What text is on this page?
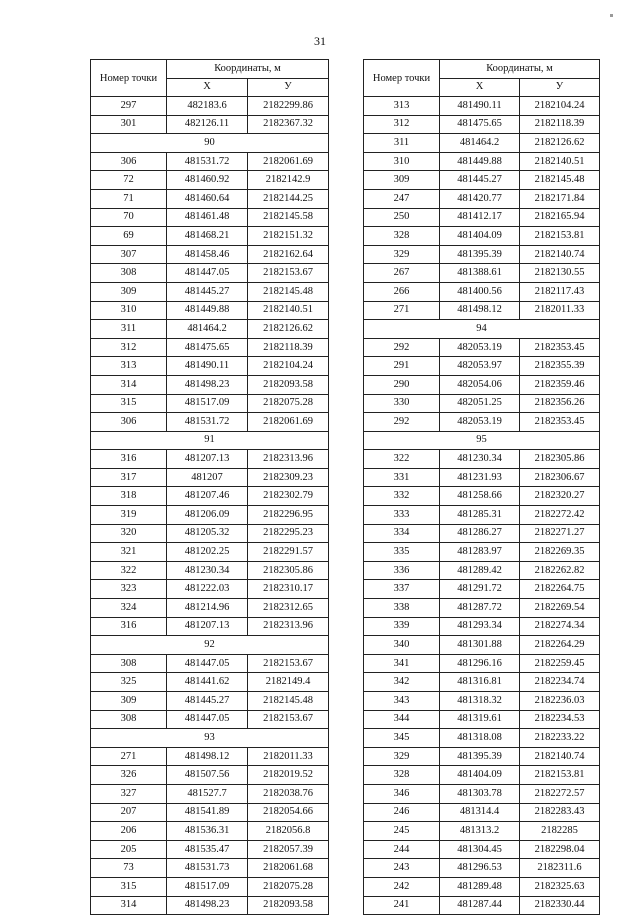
31
Номер точки	Координаты, м	
	X	У
297	482183.6	2182299.86
301	482126.11	2182367.32
90		
306	481531.72	2182061.69
72	481460.92	2182142.9
71	481460.64	2182144.25
70	481461.48	2182145.58
69	481468.21	2182151.32
307	481458.46	2182162.64
308	481447.05	2182153.67
309	481445.27	2182145.48
310	481449.88	2182140.51
311	481464.2	2182126.62
312	481475.65	2182118.39
313	481490.11	2182104.24
314	481498.23	2182093.58
315	481517.09	2182075.28
306	481531.72	2182061.69
91		
316	481207.13	2182313.96
317	481207	2182309.23
318	481207.46	2182302.79
319	481206.09	2182296.95
320	481205.32	2182295.23
321	481202.25	2182291.57
322	481230.34	2182305.86
323	481222.03	2182310.17
324	481214.96	2182312.65
316	481207.13	2182313.96
92		
308	481447.05	2182153.67
325	481441.62	2182149.4
309	481445.27	2182145.48
308	481447.05	2182153.67
93		
271	481498.12	2182011.33
326	481507.56	2182019.52
327	481527.7	2182038.76
207	481541.89	2182054.66
206	481536.31	2182056.8
205	481535.47	2182057.39
73	481531.73	2182061.68
315	481517.09	2182075.28
314	481498.23	2182093.58
Номер точки	Координаты, м	
	X	У
313	481490.11	2182104.24
312	481475.65	2182118.39
311	481464.2	2182126.62
310	481449.88	2182140.51
309	481445.27	2182145.48
247	481420.77	2182171.84
250	481412.17	2182165.94
328	481404.09	2182153.81
329	481395.39	2182140.74
267	481388.61	2182130.55
266	481400.56	2182117.43
271	481498.12	2182011.33
94		
292	482053.19	2182353.45
291	482053.97	2182355.39
290	482054.06	2182359.46
330	482051.25	2182356.26
292	482053.19	2182353.45
95		
322	481230.34	2182305.86
331	481231.93	2182306.67
332	481258.66	2182320.27
333	481285.31	2182272.42
334	481286.27	2182271.27
335	481283.97	2182269.35
336	481289.42	2182262.82
337	481291.72	2182264.75
338	481287.72	2182269.54
339	481293.34	2182274.34
340	481301.88	2182264.29
341	481296.16	2182259.45
342	481316.81	2182234.74
343	481318.32	2182236.03
344	481319.61	2182234.53
345	481318.08	2182233.22
329	481395.39	2182140.74
328	481404.09	2182153.81
346	481303.78	2182272.57
246	481314.4	2182283.43
245	481313.2	2182285
244	481304.45	2182298.04
243	481296.53	2182311.6
242	481289.48	2182325.63
241	481287.44	2182330.44
